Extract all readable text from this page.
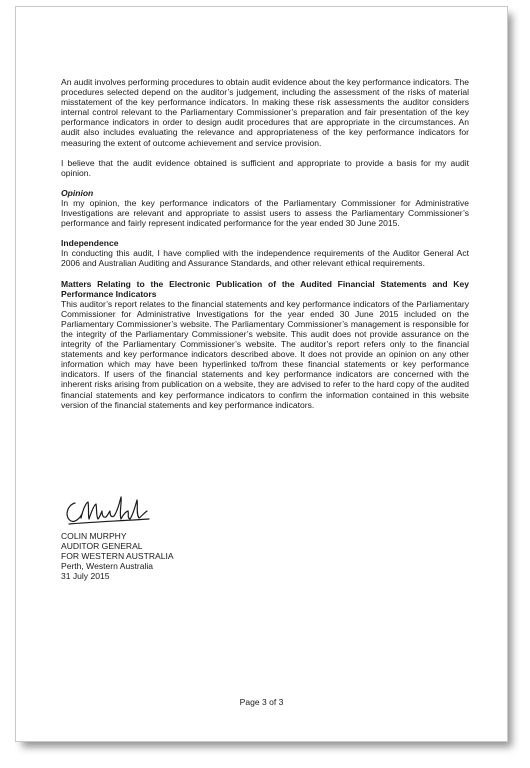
An audit involves performing procedures to obtain audit evidence about the key performance indicators. The procedures selected depend on the auditor’s judgement, including the assessment of the risks of material misstatement of the key performance indicators. In making these risk assessments the auditor considers internal control relevant to the Parliamentary Commissioner’s preparation and fair presentation of the key performance indicators in order to design audit procedures that are appropriate in the circumstances. An audit also includes evaluating the relevance and appropriateness of the key performance indicators for measuring the extent of outcome achievement and service provision.

I believe that the audit evidence obtained is sufficient and appropriate to provide a basis for my audit opinion.

Opinion

In my opinion, the key performance indicators of the Parliamentary Commissioner for Administrative Investigations are relevant and appropriate to assist users to assess the Parliamentary Commissioner’s performance and fairly represent indicated performance for the year ended 30 June 2015.

Independence

In conducting this audit, I have complied with the independence requirements of the Auditor General Act 2006 and Australian Auditing and Assurance Standards, and other relevant ethical requirements.

Matters Relating to the Electronic Publication of the Audited Financial Statements and Key Performance Indicators

This auditor’s report relates to the financial statements and key performance indicators of the Parliamentary Commissioner for Administrative Investigations for the year ended 30 June 2015 included on the Parliamentary Commissioner’s website. The Parliamentary Commissioner’s management is responsible for the integrity of the Parliamentary Commissioner’s website. This audit does not provide assurance on the integrity of the Parliamentary Commissioner’s website. The auditor’s report refers only to the financial statements and key performance indicators described above. It does not provide an opinion on any other information which may have been hyperlinked to/from these financial statements or key performance indicators. If users of the financial statements and key performance indicators are concerned with the inherent risks arising from publication on a website, they are advised to refer to the hard copy of the audited financial statements and key performance indicators to confirm the information contained in this website version of the financial statements and key performance indicators.

COLIN MURPHY

AUDITOR GENERAL

FOR WESTERN AUSTRALIA

Perth, Western Australia

31 July 2015

Page 3 of 3
